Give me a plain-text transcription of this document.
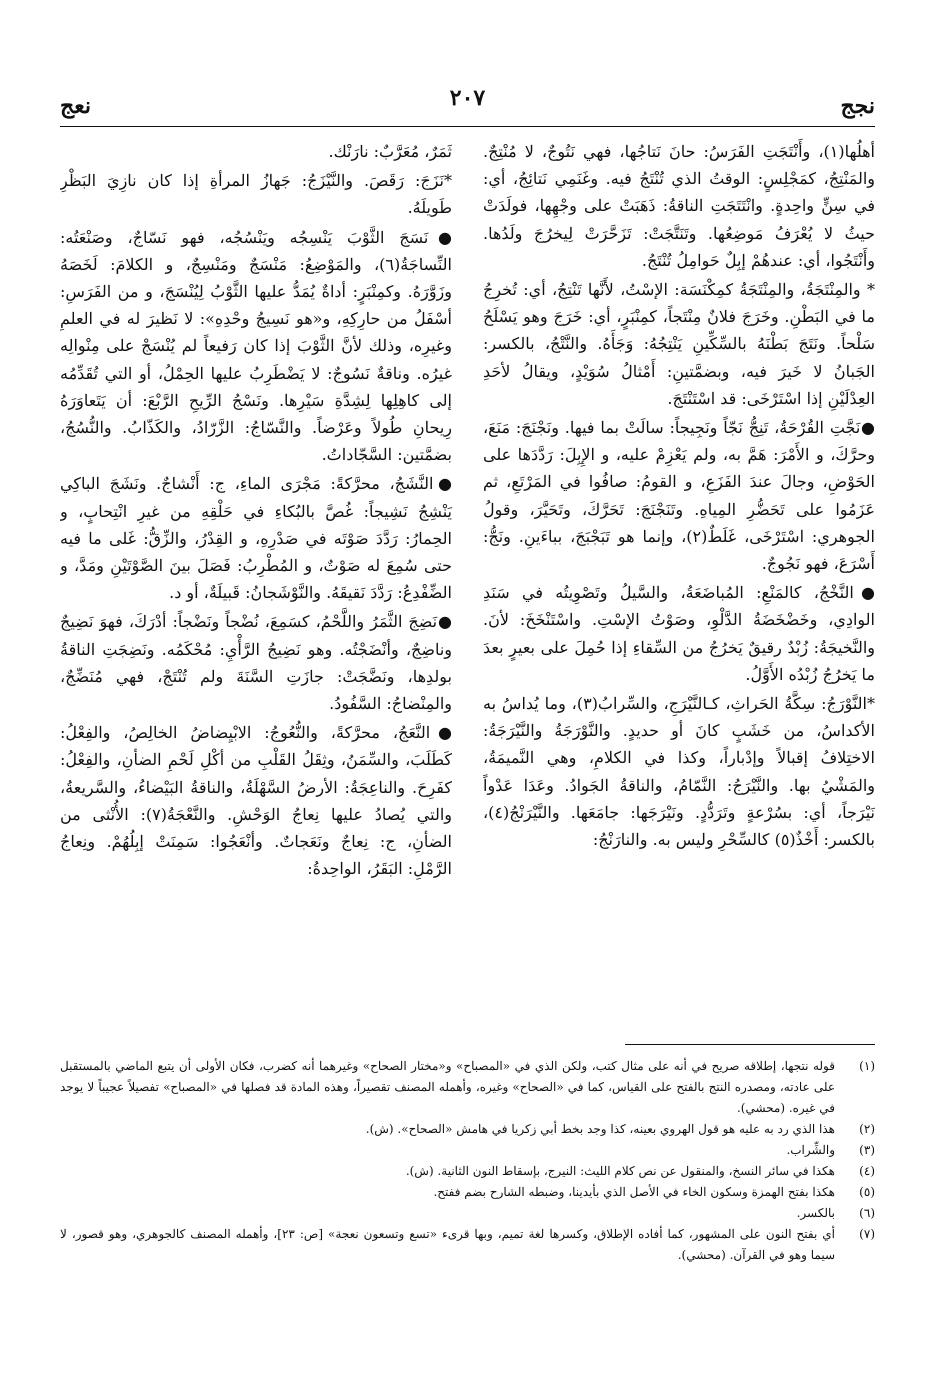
نعج	٢٠٧	نجج

أهلُها(١)، وأَنْتَجَتِ الفَرَسُ: حانَ نَتاجُها، فهي نَتُوجٌ، لا مُنْتِجٌ. والمَنْتِجُ، كمَجْلِسٍ: الوقتُ الذي تُنْتَجُ فيه. وغَنَمِي نَتائِجُ، أي: في سِنٍّ واحِدةٍ. وانْتَتَجَتِ الناقةُ: ذَهَبَتْ على وجْهِها، فولَدَتْ حيثُ لا يُعْرَفُ مَوضِعُها. وتَنَتَّجَتْ: تَزَحَّرَتْ لِيخرُجَ ولَدُها. وأَنْتَجُوا، أي: عندهُمْ إبِلٌ حَوامِلُ تُنْتَجُ.

* والمِنْتَجَةُ، والمِنْتَجَةُ كمِكْنَسَة: الإسْتُ، لأَنَّها تَنْتِجُ، أي: تُخرِجُ ما في البَطْنِ. وخَرَجَ فلانٌ مِنْتَجاً، كمِنْبَرٍ، أي: خَرَجَ وهو يَسْلَحُ سَلْحاً. ونَتَجَ بَطْنَهُ بالسِّكِّينِ يَنْتِجُهُ: وَجَأَهُ. والنَّتْجُ، بالكسر: الجَبانُ لا خَيرَ فيه، وبضمَّتينِ: أَمْثالُ سُوَيْدٍ، ويقالُ لأحَدِ العِدْلَيْنِ إذا اسْتَرْخَى: قد اسْتَنْتَجَ.

●نَجَّتِ القُرْحَةُ، تَنِجُّ نَجّاً ونَجِيجاً: سالَتْ بما فيها. ونَجْنَجَ: مَنَعَ، وحرَّكَ، و الأَمْرَ: هَمَّ به، ولم يَعْزِمْ عليه، و الإِبِلَ: رَدَّدَها على الحَوْضِ، وجالَ عندَ الفَزَعِ، و القومُ: صافُوا في المَرْتَعِ، ثم عَزَمُوا على تَحَضُّرِ المِياهِ. وتَنَجْنَجَ: تَحَرَّكَ، وتَحَيَّرَ، وقولُ الجوهري: اسْتَرْخَى، غَلَطٌ(٢)، وإنما هو تَبَجْبَجَ، بباءَينِ. ونَجُّ: أَسْرَعَ، فهو نَجُوجٌ.

●النَّخْجُ، كالمَنْعِ: المُباضَعَةُ، والسَّيلُ وتَصْوِيتُه في سَنَدِ الوادِي، وخَضْخَضَةُ الدَّلْوِ، وصَوْتُ الإسْتِ. واسْتَنْخَخَ: لأنَ. والنَّخيجَةُ: زُبْدٌ رقيقٌ يَخرُجُ من السِّقاءِ إذا حُمِلَ على بعيرٍ بعدَ ما يَخرُجُ زُبْدُه الأَوَّلُ.

*النَّوْرَجُ: سِكَّةُ الحَراثِ، كـالنَّيْرَجِ، والسِّرابُ(٣)، وما يُداسُ به الأكداسُ، من خَشَبٍ كانَ أو حديدٍ. والنَّوْرَجَةُ والنَّيْرَجَةُ: الاختِلافُ إقبالاً وإدْباراً، وكذا في الكلامِ، وهي النَّميمَةُ، والمَشْيُ بها. والنَّيْرَجُ: النَّمّامُ، والناقةُ الجَوادُ. وعَدَا عَدْواً نَيْرَجاً، أي: بسُرْعةٍ وتَرَدُّدٍ. ونَيْرَجَها: جامَعَها. والنَّيْرَنْجُ(٤)، بالكسر: أَخْذٌ(٥) كالسِّحْرِ وليس به. والنارَنْجُ:

ثَمَرٌ، مُعَرَّبٌ: نارَنْك.

*نَزَجَ: رَقَصَ. والنَّيْزَجُ: جَهازُ المرأةِ إذا كان نازِيَ البَظْرِ طَويلَهُ.

●نَسَجَ الثَّوْبَ يَنْسِجُه ويَنْسُجُه، فهو نَسّاجٌ، وصَنْعَتُه: النِّساجَةُ(٦)، والمَوْضِعُ: مَنْسَجٌ ومَنْسِجٌ، و الكلامَ: لَخَصَهُ وزَوَّرَهُ. وكمِنْبَرٍ: أداةٌ يُمَدُّ عليها الثَّوْبُ لِيُنْسَجَ، و من الفَرَسِ: أسْفَلُ من حارِكِهِ، و«هو نَسِيجُ وحْدِهِ»: لا نَظيرَ له في العلمِ وغيرِه، وذلك لأنَّ الثَّوْبَ إذا كان رَفيعاً لم يُنْسَجْ على مِنْوالِه غيرُه. وناقةٌ نَسُوجٌ: لا يَضْطَرِبُ عليها الحِمْلُ، أو التي تُقَدِّمُه إلى كاهِلِها لِشِدَّةِ سَيْرِها. ونَسْجُ الرِّيحِ الرَّبْعَ: أن يَتَعاوَرَهُ رِيحانِ طُولاً وعَرْضاً. والنَّسّاجُ: الزَّرّادُ، والكَذّابُ. والنُّسُجُ، بضمَّتين: السَّجّاداتُ.

●النَّشَجُ، محرَّكةً: مَجْرَى الماءِ، ج: أَنْشاجٌ. ونَشَجَ الباكِي يَنْشِجُ نَشِيجاً: غُصَّ بالبُكاءِ في حَلْقِهِ من غيرِ انْتِحابٍ، و الحِمارُ: رَدَّدَ صَوْتَه في صَدْرِهِ، و القِدْرُ، والزِّقُّ: غَلى ما فيه حتى سُمِعَ له صَوْتٌ، و المُطْرِبُ: فَصَلَ بينَ الصَّوْتَيْنِ ومَدَّ، و الضِّفْدِعُ: رَدَّدَ نَقيقَهُ. والنَّوْشَجانُ: قَبيلَةٌ، أو د.

●نَضِجَ الثَّمَرُ واللَّحْمُ، كسَمِعَ، نُضْجاً ونَضْجاً: أدْرَكَ، فهوَ نَضِيجٌ وناضِجٌ، وأنْضَجْتُه. وهو نَضِيجُ الرَّأْيِ: مُحْكَمُه. ونَضِجَتِ الناقةُ بولدِها، ونَضَّجَتْ: جازَتِ السَّنَةَ ولم تُنْتَجْ، فهي مُنَضِّجٌ، والمِنْضاجُ: السَّفُودُ.

●النَّعَجُ، محرَّكةً، والنُّعُوجُ: الابْيِضاضُ الخالِصُ، والفِعْلُ: كَطَلَبَ، والسِّمَنُ، وثِقَلُ القَلْبِ من أكْلِ لَحْمِ الضأنِ، والفِعْلُ: كفَرِحَ. والناعِجَةُ: الأرضُ السَّهْلَةُ، والناقةُ البَيْضاءُ، والسَّريعةُ، والتي يُصادُ عليها نِعاجُ الوَحْشِ. والنَّعْجَةُ(٧): الأُنْثى من الضأنِ، ج: نِعاجٌ ونَعَجاتٌ. وأنْعَجُوا: سَمِنَتْ إبِلُهُمْ. ونِعاجُ الرَّمْلِ: البَقَرُ، الواحِدةُ:

(١)
قوله نتجها، إطلاقه صريح في أنه على مثال كتب، ولكن الذي في «المصباح» و«مختار الصحاح» وغيرهما أنه كضرب، فكان الأولى أن يتبع الماضي بالمستقبل على عادته، ومصدره النتج بالفتح على القياس، كما في «الصحاح» وغيره، وأهمله المصنف تقصيراً، وهذه المادة قد فصلها في «المصباح» تفصيلاً عجيباً لا يوجد في غيره. (محشي).
(٢)
هذا الذي رد به عليه هو قول الهروي بعينه، كذا وجد بخط أبي زكريا في هامش «الصحاح». (ش).
(٣)
والشِّراب.
(٤)
هكذا في سائر النسخ، والمنقول عن نص كلام الليث: النيرج، بإسقاط النون الثانية. (ش).
(٥)
هكذا بفتح الهمزة وسكون الخاء في الأصل الذي بأيدينا، وضبطه الشارح بضم ففتح.
(٦)
بالكسر.
(٧)
أي بفتح النون على المشهور، كما أفاده الإطلاق، وكسرها لغة تميم، وبها قرىء «تسع وتسعون نعجة» [ص: ٢٣]، وأهمله المصنف كالجوهري، وهو قصور، لا سيما وهو في القرآن. (محشي).
